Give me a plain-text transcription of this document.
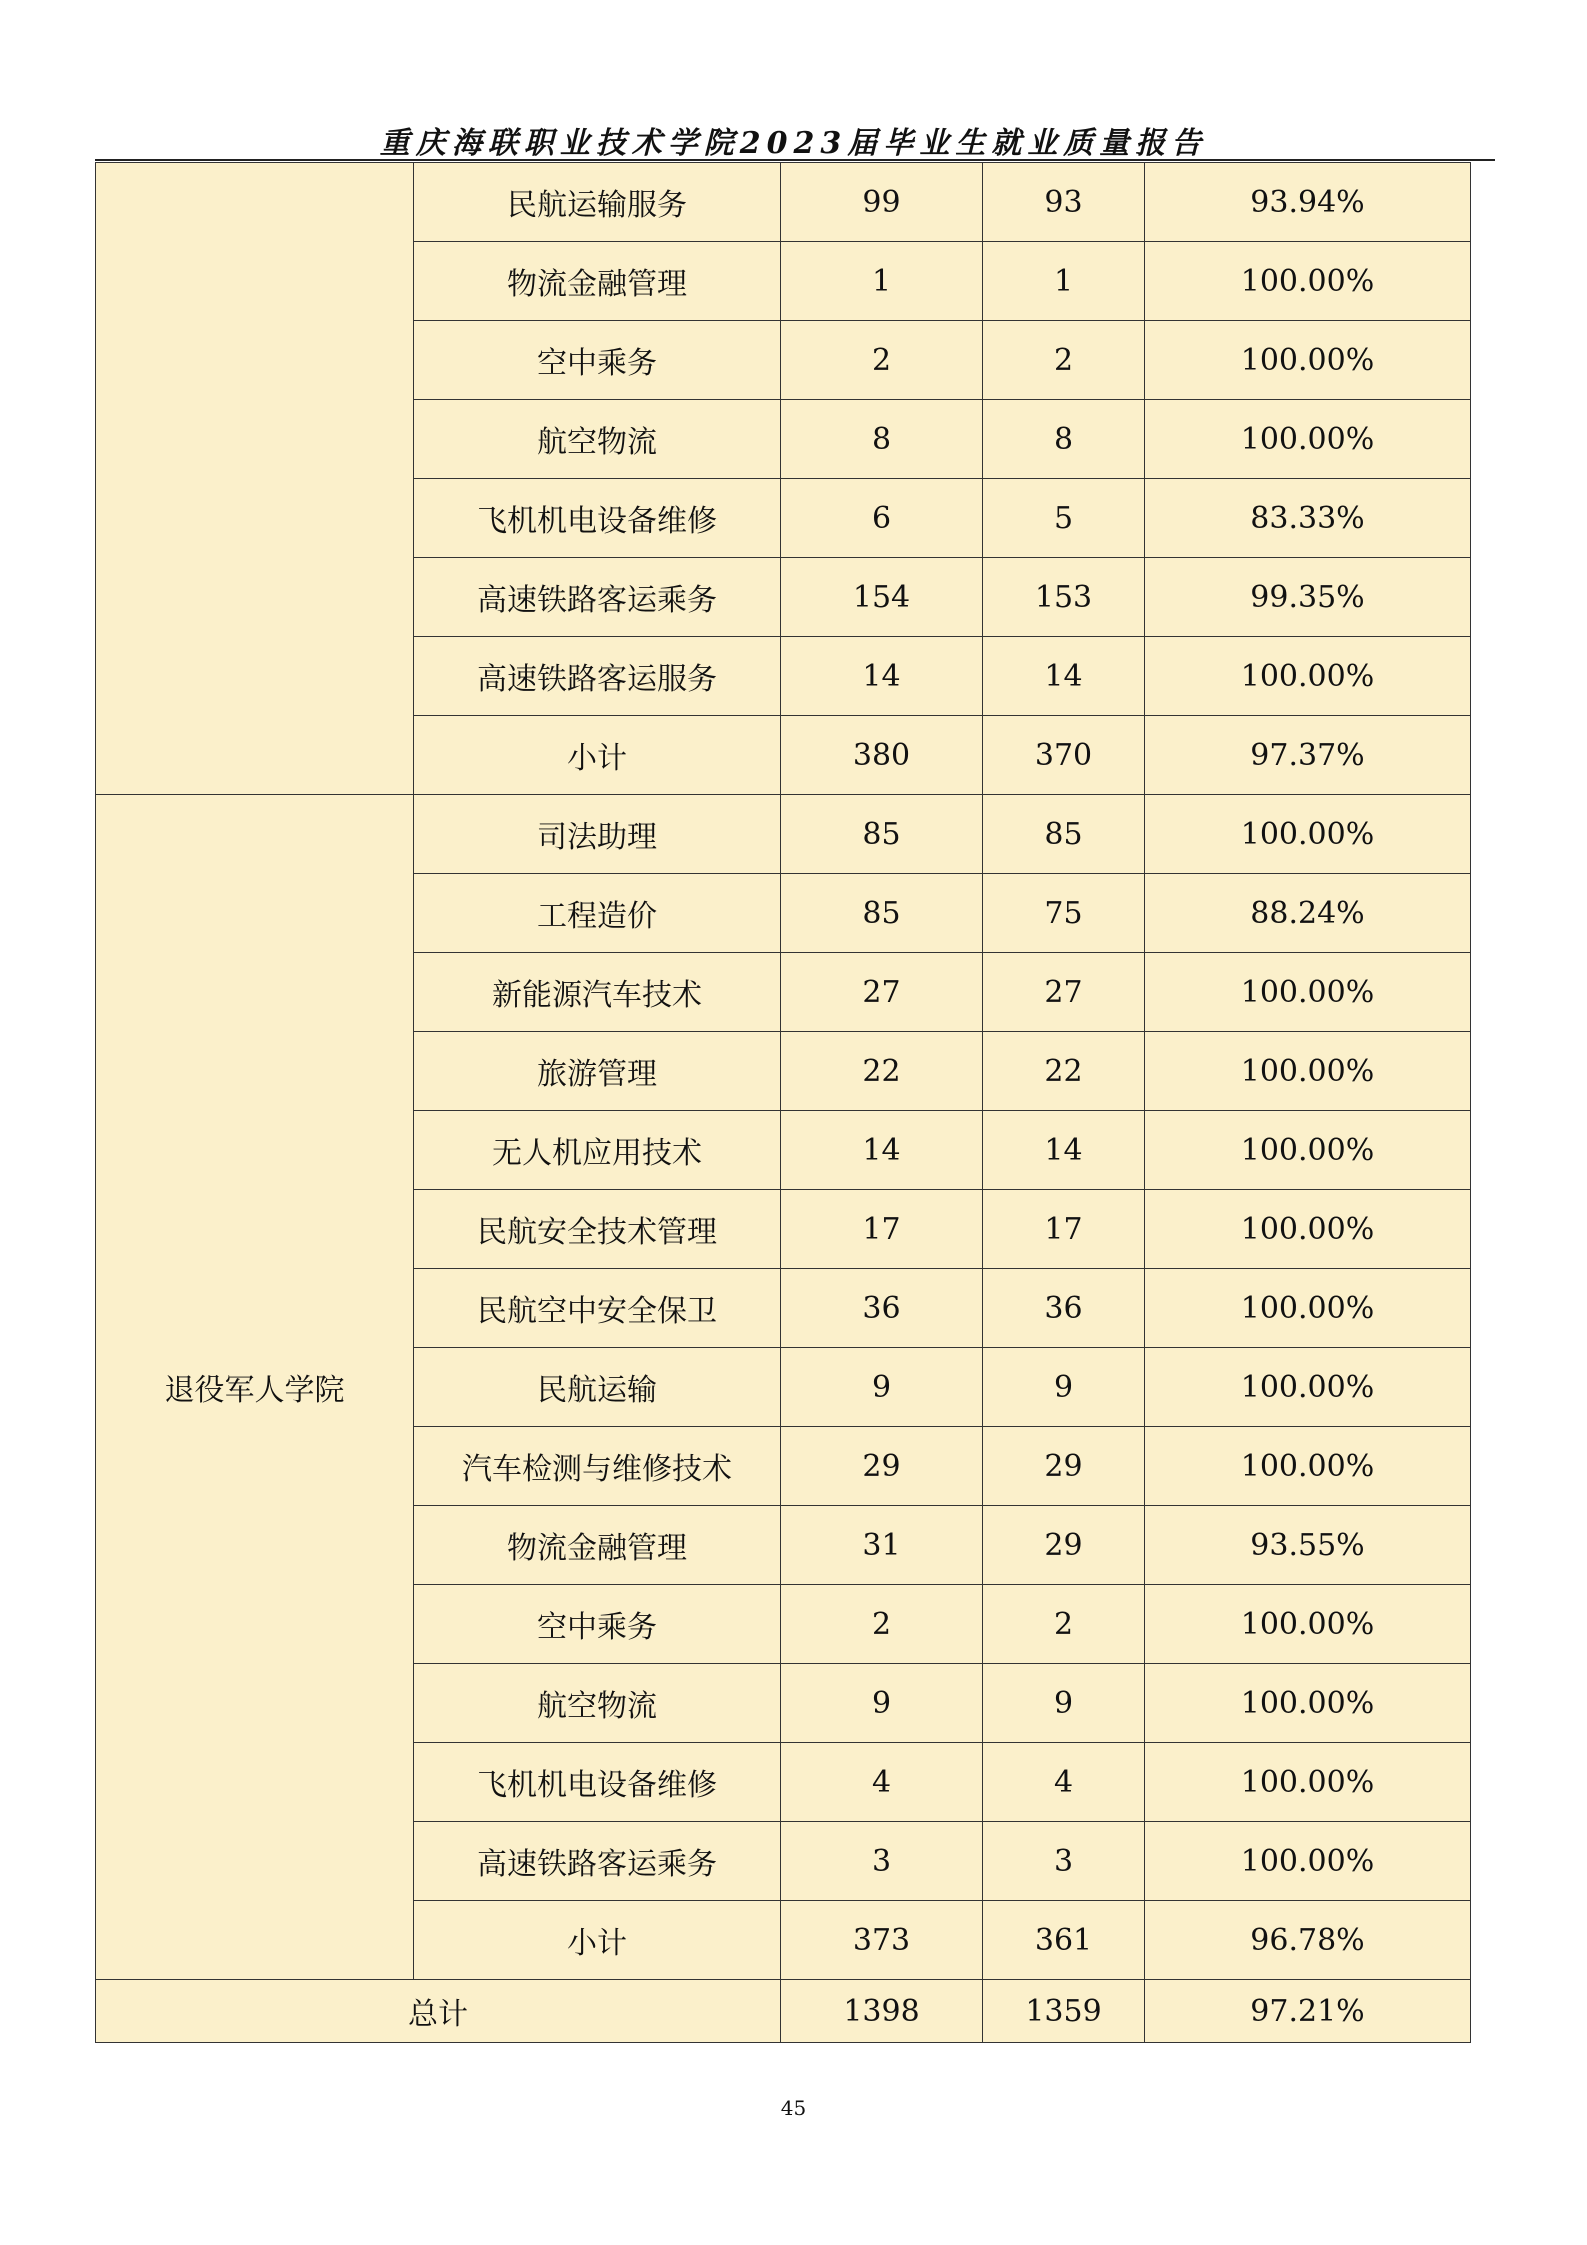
重庆海联职业技术学院2023届毕业生就业质量报告
	民航运输服务	99	93	93.94%
	物流金融管理	1	1	100.00%
	空中乘务	2	2	100.00%
	航空物流	8	8	100.00%
	飞机机电设备维修	6	5	83.33%
	高速铁路客运乘务	154	153	99.35%
	高速铁路客运服务	14	14	100.00%
	小计	380	370	97.37%
退役军人学院	司法助理	85	85	100.00%
	工程造价	85	75	88.24%
	新能源汽车技术	27	27	100.00%
	旅游管理	22	22	100.00%
	无人机应用技术	14	14	100.00%
	民航安全技术管理	17	17	100.00%
	民航空中安全保卫	36	36	100.00%
	民航运输	9	9	100.00%
	汽车检测与维修技术	29	29	100.00%
	物流金融管理	31	29	93.55%
	空中乘务	2	2	100.00%
	航空物流	9	9	100.00%
	飞机机电设备维修	4	4	100.00%
	高速铁路客运乘务	3	3	100.00%
	小计	373	361	96.78%
总计		1398	1359	97.21%
45
